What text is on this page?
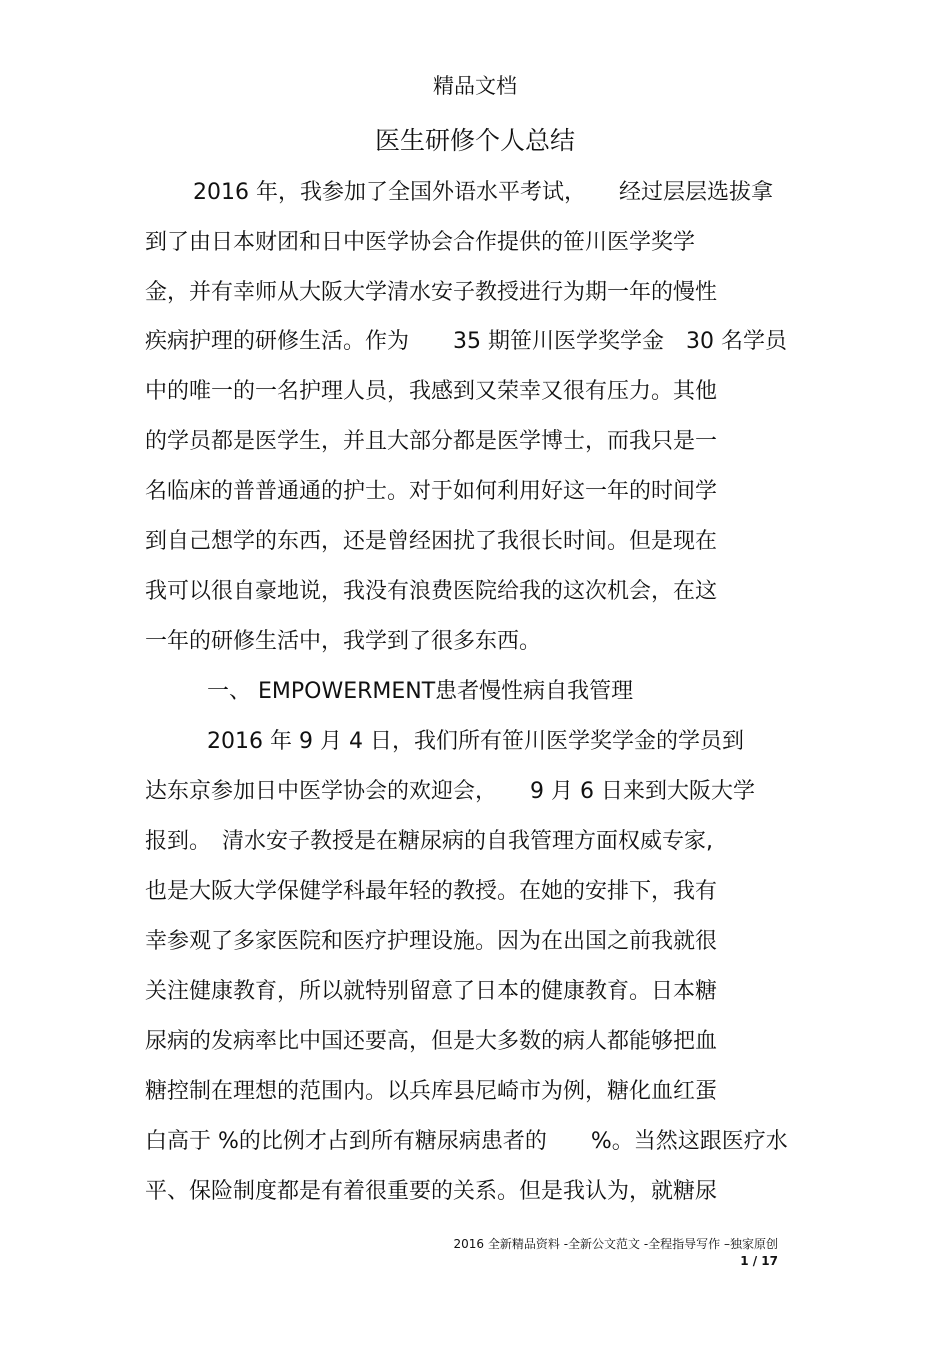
精品文档
医生研修个人总结
2016 年，我参加了全国外语水平考试，　　经过层层选拔拿
到了由日本财团和日中医学协会合作提供的笹川医学奖学
金，并有幸师从大阪大学清水安子教授进行为期一年的慢性
疾病护理的研修生活。作为　　35 期笹川医学奖学金　30 名学员
中的唯一的一名护理人员，我感到又荣幸又很有压力。其他
的学员都是医学生，并且大部分都是医学博士，而我只是一
名临床的普普通通的护士。对于如何利用好这一年的时间学
到自己想学的东西，还是曾经困扰了我很长时间。但是现在
我可以很自豪地说，我没有浪费医院给我的这次机会，在这
一年的研修生活中，我学到了很多东西。
一、 EMPOWERMENT患者慢性病自我管理
2016 年 9 月 4 日，我们所有笹川医学奖学金的学员到
达东京参加日中医学协会的欢迎会，　　9 月 6 日来到大阪大学
报到。　清水安子教授是在糖尿病的自我管理方面权威专家,
也是大阪大学保健学科最年轻的教授。在她的安排下，我有
幸参观了多家医院和医疗护理设施。因为在出国之前我就很
关注健康教育，所以就特别留意了日本的健康教育。日本糖
尿病的发病率比中国还要高，但是大多数的病人都能够把血
糖控制在理想的范围内。以兵库县尼崎市为例，糖化血红蛋
白高于 %的比例才占到所有糖尿病患者的　　%。当然这跟医疗水
平、保险制度都是有着很重要的关系。但是我认为，就糖尿
2016 全新精品资料 -全新公文范文 -全程指导写作 –独家原创
1 / 17
